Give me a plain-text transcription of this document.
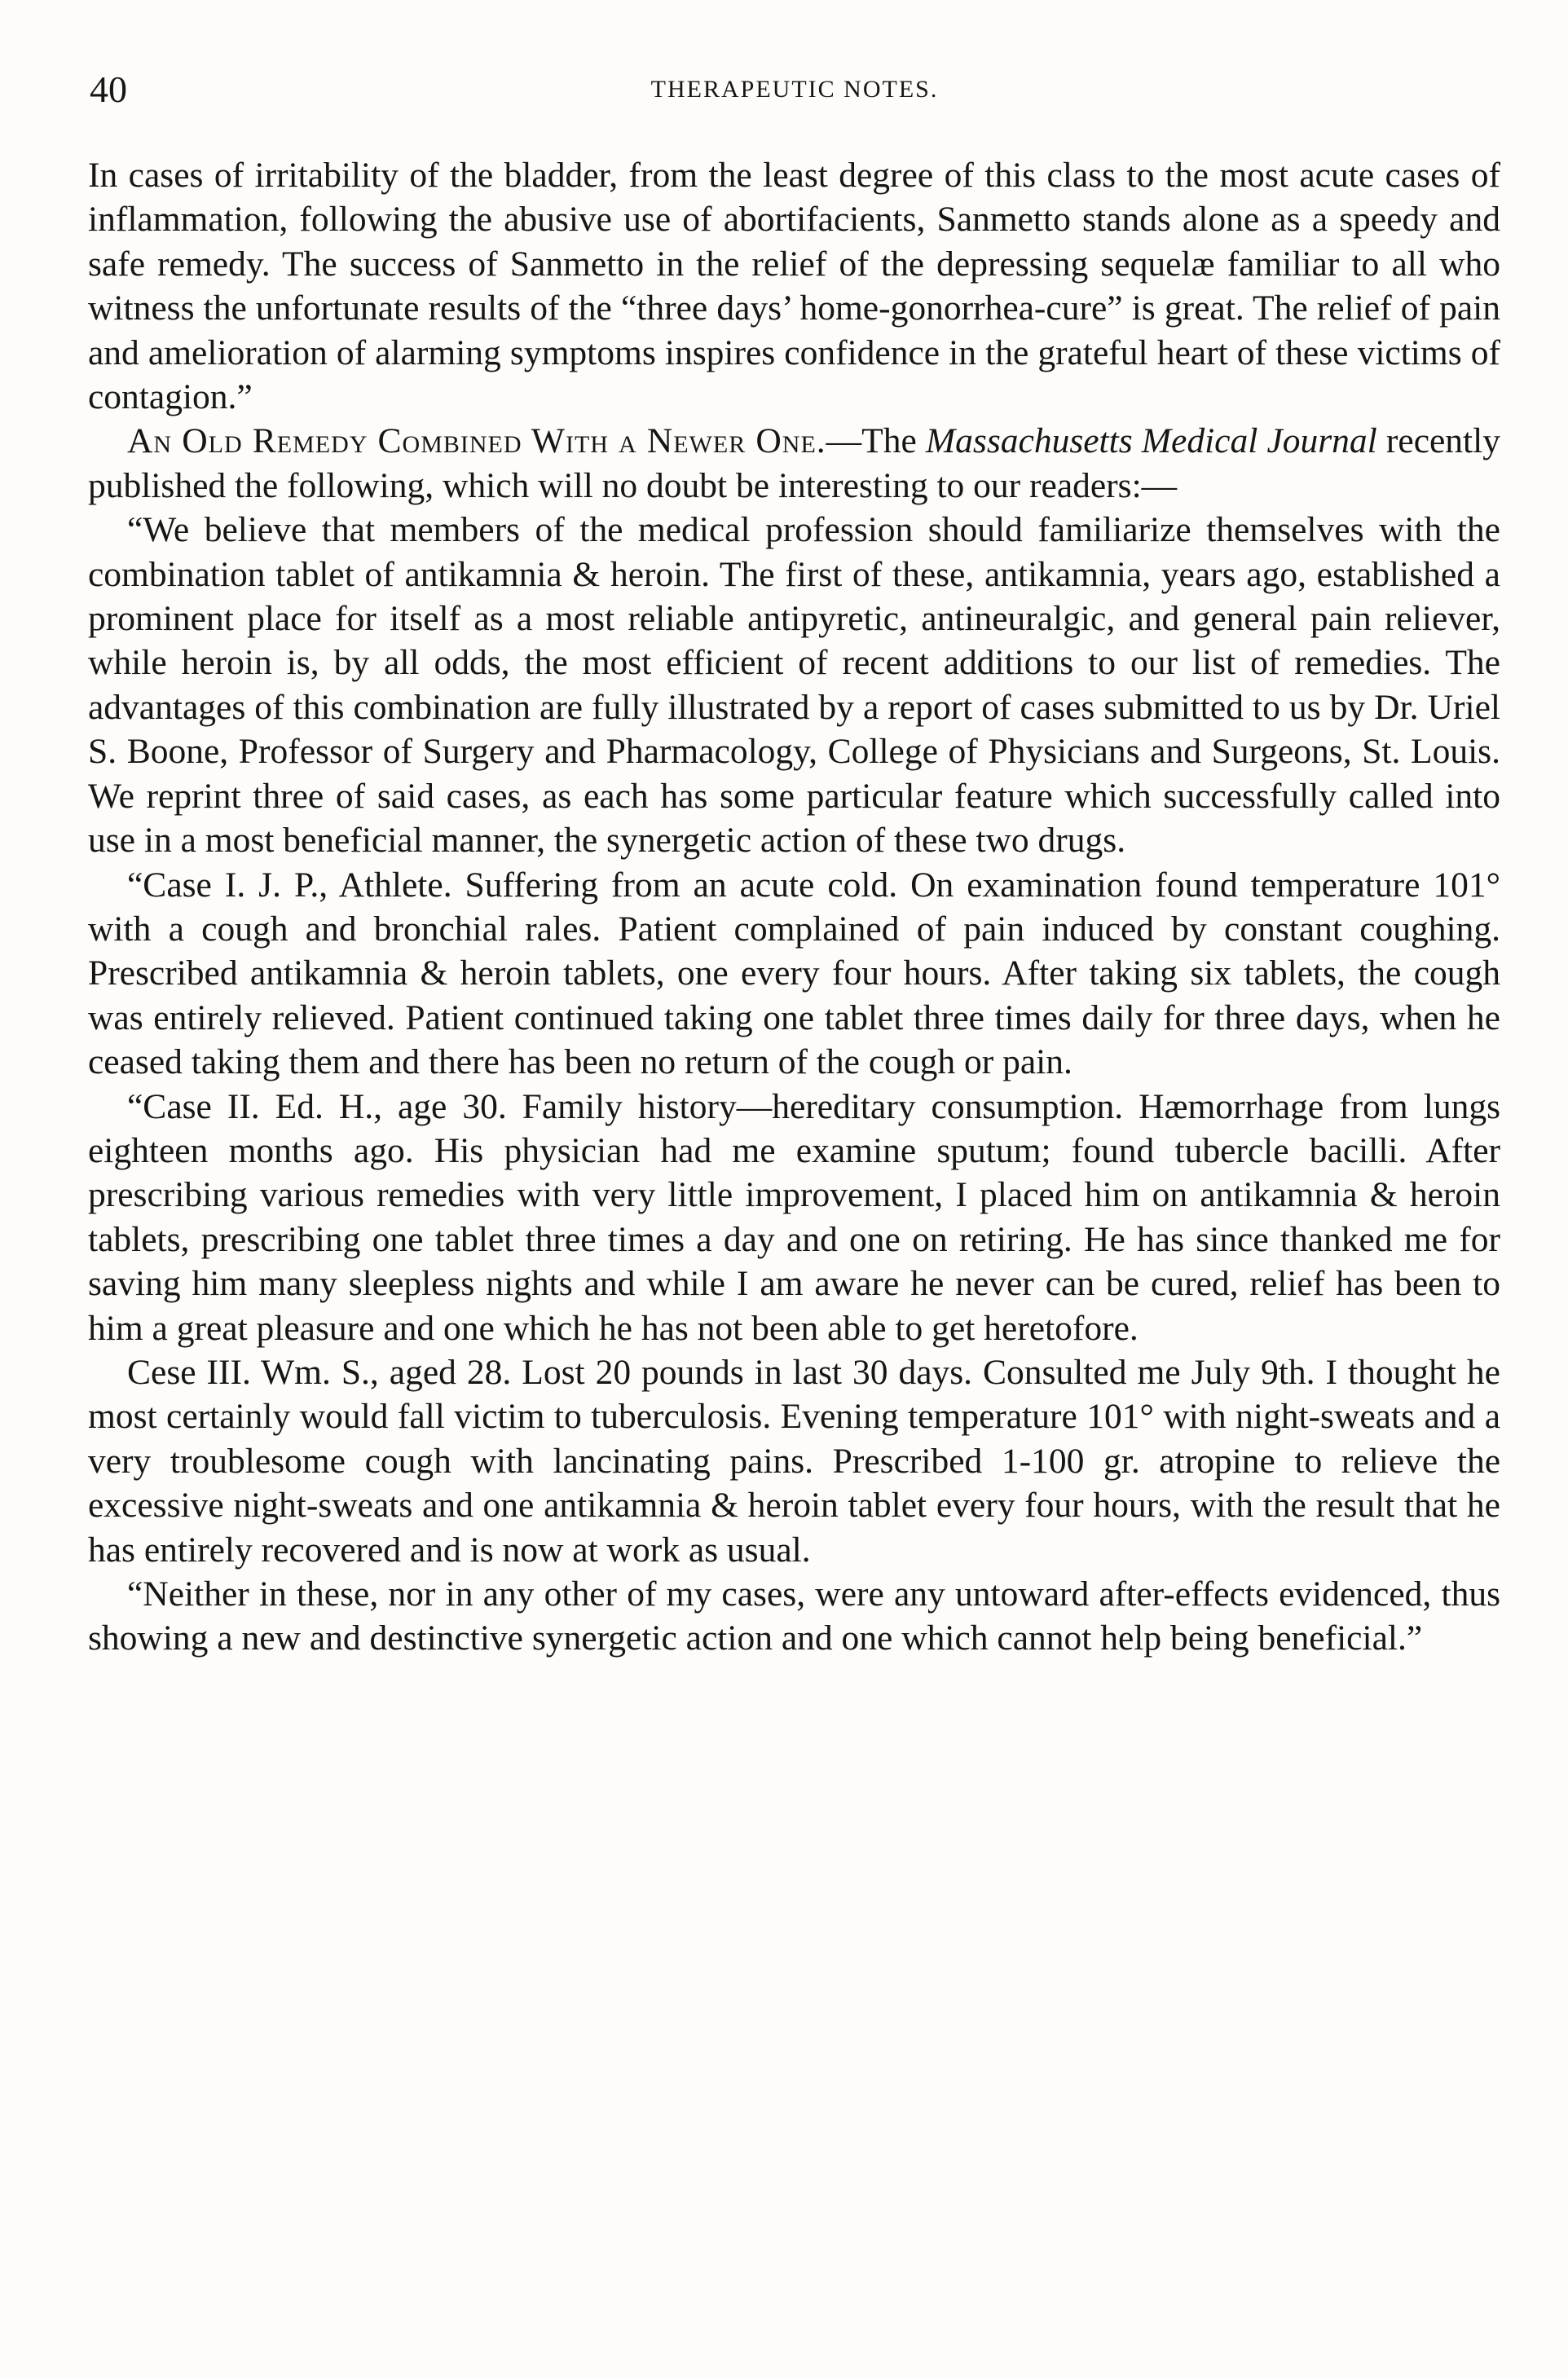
40	THERAPEUTIC NOTES.

In cases of irritability of the bladder, from the least degree of this class to the most acute cases of inflammation, following the abusive use of abortifacients, Sanmetto stands alone as a speedy and safe remedy. The success of Sanmetto in the relief of the depressing sequelæ familiar to all who witness the unfortunate results of the “three days’ home-gonorrhea-cure” is great. The relief of pain and amelioration of alarming symptoms inspires confidence in the grateful heart of these victims of contagion.”

An Old Remedy Combined With a Newer One.—The Massachusetts Medical Journal recently published the following, which will no doubt be interesting to our readers:—

“We believe that members of the medical profession should familiarize themselves with the combination tablet of antikamnia & heroin. The first of these, antikamnia, years ago, established a prominent place for itself as a most reliable antipyretic, antineuralgic, and general pain reliever, while heroin is, by all odds, the most efficient of recent additions to our list of remedies. The advantages of this combination are fully illustrated by a report of cases submitted to us by Dr. Uriel S. Boone, Professor of Surgery and Pharmacology, College of Physicians and Surgeons, St. Louis. We reprint three of said cases, as each has some particular feature which successfully called into use in a most beneficial manner, the synergetic action of these two drugs.

“Case I. J. P., Athlete. Suffering from an acute cold. On examination found temperature 101° with a cough and bronchial rales. Patient complained of pain induced by constant coughing. Prescribed antikamnia & heroin tablets, one every four hours. After taking six tablets, the cough was entirely relieved. Patient continued taking one tablet three times daily for three days, when he ceased taking them and there has been no return of the cough or pain.

“Case II. Ed. H., age 30. Family history—hereditary consumption. Hæmorrhage from lungs eighteen months ago. His physician had me examine sputum; found tubercle bacilli. After prescribing various remedies with very little improvement, I placed him on antikamnia & heroin tablets, prescribing one tablet three times a day and one on retiring. He has since thanked me for saving him many sleepless nights and while I am aware he never can be cured, relief has been to him a great pleasure and one which he has not been able to get heretofore.

Cese III. Wm. S., aged 28. Lost 20 pounds in last 30 days. Consulted me July 9th. I thought he most certainly would fall victim to tuberculosis. Evening temperature 101° with night-sweats and a very troublesome cough with lancinating pains. Prescribed 1-100 gr. atropine to relieve the excessive night-sweats and one antikamnia & heroin tablet every four hours, with the result that he has entirely recovered and is now at work as usual.

“Neither in these, nor in any other of my cases, were any untoward after-effects evidenced, thus showing a new and destinctive synergetic action and one which cannot help being beneficial.”
